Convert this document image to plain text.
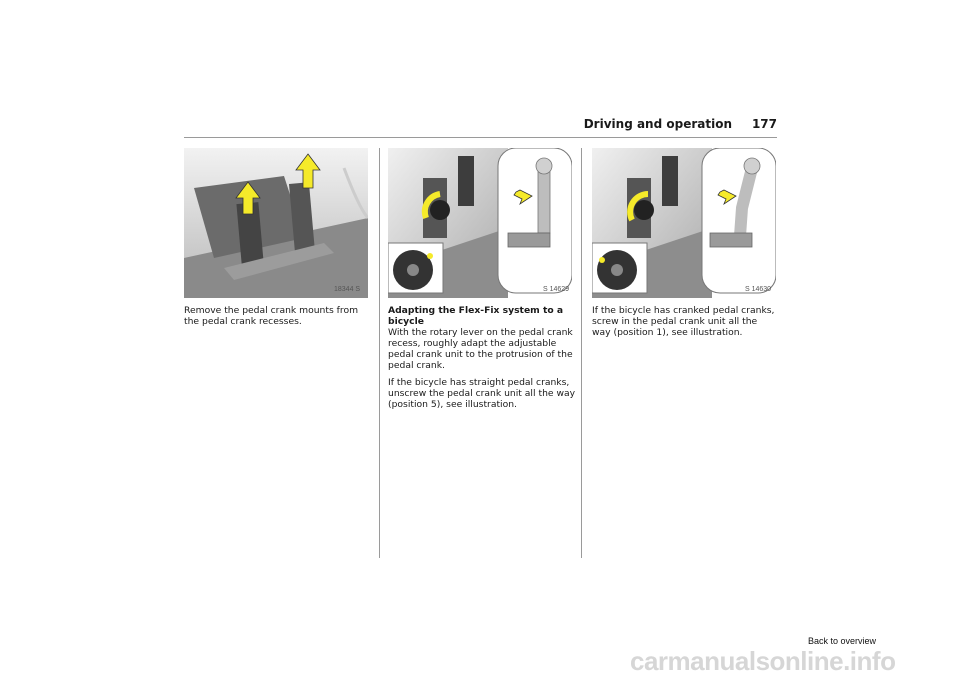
Driving and operation 177
18344 S	S 14629	S 14630

Remove the pedal crank mounts from the pedal crank recesses.

Adapting the Flex-Fix system to a bicycle
With the rotary lever on the pedal crank recess, roughly adapt the adjustable pedal crank unit to the protrusion of the pedal crank.

If the bicycle has straight pedal cranks, unscrew the pedal crank unit all the way (position 5), see illustration.

If the bicycle has cranked pedal cranks, screw in the pedal crank unit all the way (position 1), see illustration.

Back to overview
carmanualsonline.info
